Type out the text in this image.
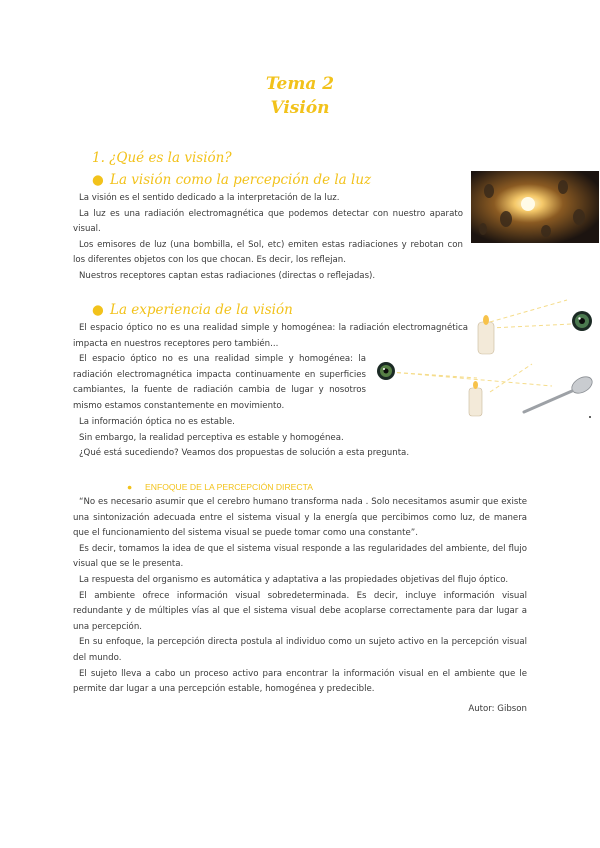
Tema 2
Visión
1. ¿Qué es la visión?
● La visión como la percepción de la luz

La visión es el sentido dedicado a la interpretación de la luz.

La luz es una radiación electromagnética que podemos detectar con nuestro aparato visual.

Los emisores de luz (una bombilla, el Sol, etc) emiten estas radiaciones y rebotan con los diferentes objetos con los que chocan. Es decir, los reflejan.

Nuestros receptores captan estas radiaciones (directas o reflejadas).

● La experiencia de la visión

El espacio óptico no es una realidad simple y homogénea: la radiación electromagnética impacta en nuestros receptores pero también...

El espacio óptico no es una realidad simple y homogénea: la radiación electromagnética impacta continuamente en superficies cambiantes, la fuente de radiación cambia de lugar y nosotros mismo estamos constantemente en movimiento.

La información óptica no es estable.

Sin embargo, la realidad perceptiva es estable y homogénea.

¿Qué está sucediendo? Veamos dos propuestas de solución a esta pregunta.

● ENFOQUE DE LA PERCEPCIÓN DIRECTA

“No es necesario asumir que el cerebro humano transforma nada . Solo necesitamos asumir que existe una sintonización adecuada entre el sistema visual y la energía que percibimos como luz, de manera que el funcionamiento del sistema visual se puede tomar como una constante”.

Es decir, tomamos la idea de que el sistema visual responde a las regularidades del ambiente, del flujo visual que se le presenta.

La respuesta del organismo es automática y adaptativa a las propiedades objetivas del flujo óptico.

El ambiente ofrece información visual sobredeterminada. Es decir, incluye información visual redundante y de múltiples vías al que el sistema visual debe acoplarse correctamente para dar lugar a una percepción.

En su enfoque, la percepción directa postula al individuo como un sujeto activo en la percepción visual del mundo.

El sujeto lleva a cabo un proceso activo para encontrar la información visual en el ambiente que le permite dar lugar a una percepción estable, homogénea y predecible.

Autor: Gibson
